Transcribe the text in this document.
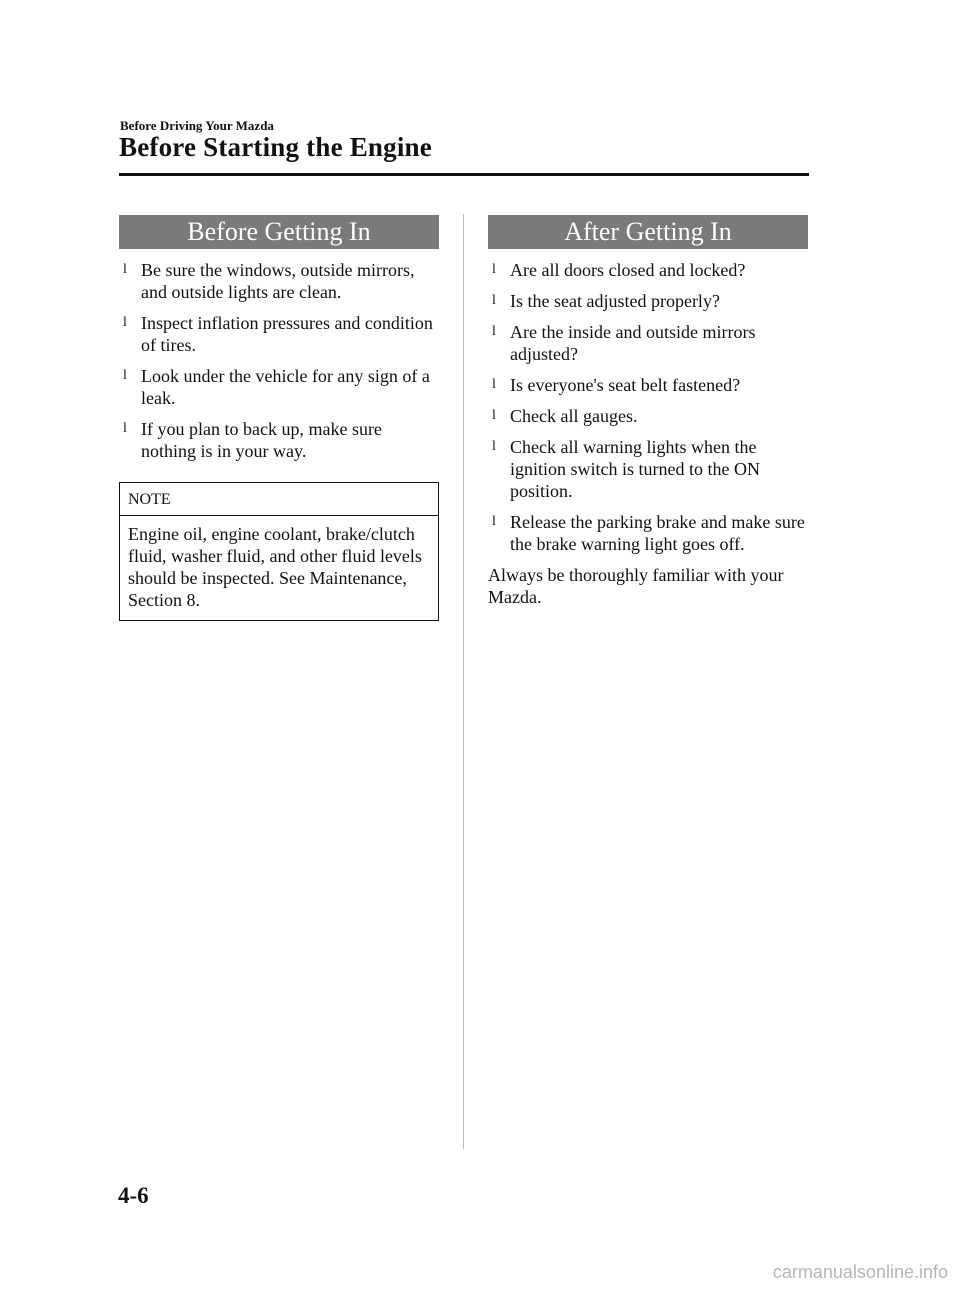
Before Driving Your Mazda
Before Starting the Engine
Before Getting In
l Be sure the windows, outside mirrors, and outside lights are clean.
l Inspect inflation pressures and condition of tires.
l Look under the vehicle for any sign of a leak.
l If you plan to back up, make sure nothing is in your way.
NOTE
Engine oil, engine coolant, brake/clutch fluid, washer fluid, and other fluid levels should be inspected. See Maintenance, Section 8.
After Getting In
l Are all doors closed and locked?
l Is the seat adjusted properly?
l Are the inside and outside mirrors adjusted?
l Is everyone's seat belt fastened?
l Check all gauges.
l Check all warning lights when the ignition switch is turned to the ON position.
l Release the parking brake and make sure the brake warning light goes off.

Always be thoroughly familiar with your Mazda.

4-6
carmanualsonline.info
